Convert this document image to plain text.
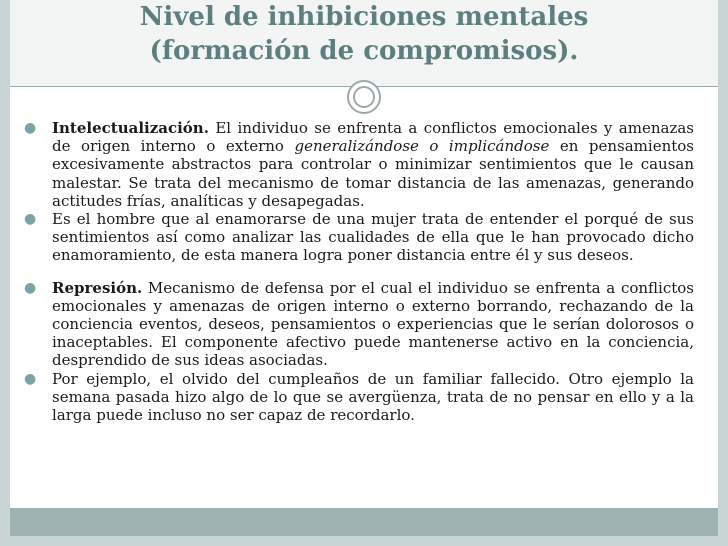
Nivel de inhibiciones mentales
(formación de compromisos).
● Intelectualización. El individuo se enfrenta a conflictos emocionales y amenazas de origen interno o externo generalizándose o implicándose en pensamientos excesivamente abstractos para controlar o minimizar sentimientos que le causan malestar. Se trata del mecanismo de tomar distancia de las amenazas, generando actitudes frías, analíticas y desapegadas.
● Es el hombre que al enamorarse de una mujer trata de entender el porqué de sus sentimientos así como analizar las cualidades de ella que le han provocado dicho enamoramiento, de esta manera logra poner distancia entre él y sus deseos.
● Represión. Mecanismo de defensa por el cual el individuo se enfrenta a conflictos emocionales y amenazas de origen interno o externo borrando, rechazando de la conciencia eventos, deseos, pensamientos o experiencias que le serían dolorosos o inaceptables. El componente afectivo puede mantenerse activo en la conciencia, desprendido de sus ideas asociadas.
● Por ejemplo, el olvido del cumpleaños de un familiar fallecido. Otro ejemplo la semana pasada hizo algo de lo que se avergüenza, trata de no pensar en ello y a la larga puede incluso no ser capaz de recordarlo.
